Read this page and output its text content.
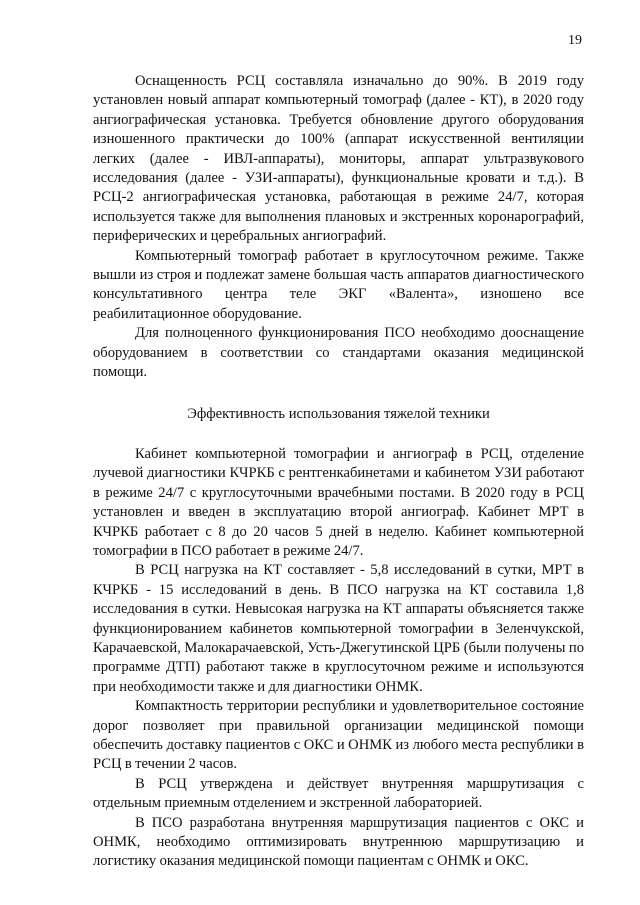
19

Оснащенность РСЦ составляла изначально до 90%. В 2019 году установлен новый аппарат компьютерный томограф (далее - КТ), в 2020 году ангиографическая установка. Требуется обновление другого оборудования изношенного практически до 100% (аппарат искусственной вентиляции легких (далее - ИВЛ-аппараты), мониторы, аппарат ультразвукового исследования (далее - УЗИ-аппараты), функциональные кровати и т.д.). В РСЦ-2 ангиографическая установка, работающая в режиме 24/7, которая используется также для выполнения плановых и экстренных коронарографий, периферических и церебральных ангиографий.

Компьютерный томограф работает в круглосуточном режиме. Также вышли из строя и подлежат замене большая часть аппаратов диагностического консультативного центра теле ЭКГ «Валента», изношено все реабилитационное оборудование.

Для полноценного функционирования ПСО необходимо дооснащение оборудованием в соответствии со стандартами оказания медицинской помощи.

Эффективность использования тяжелой техники

Кабинет компьютерной томографии и ангиограф в РСЦ, отделение лучевой диагностики КЧРКБ с рентгенкабинетами и кабинетом УЗИ работают в режиме 24/7 с круглосуточными врачебными постами. В 2020 году в РСЦ установлен и введен в эксплуатацию второй ангиограф. Кабинет МРТ в КЧРКБ работает с 8 до 20 часов 5 дней в неделю. Кабинет компьютерной томографии в ПСО работает в режиме 24/7.

В РСЦ нагрузка на КТ составляет - 5,8 исследований в сутки, МРТ в КЧРКБ - 15 исследований в день. В ПСО нагрузка на КТ составила 1,8 исследования в сутки. Невысокая нагрузка на КТ аппараты объясняется также функционированием кабинетов компьютерной томографии в Зеленчукской, Карачаевской, Малокарачаевской, Усть-Джегутинской ЦРБ (были получены по программе ДТП) работают также в круглосуточном режиме и используются при необходимости также и для диагностики ОНМК.

Компактность территории республики и удовлетворительное состояние дорог позволяет при правильной организации медицинской помощи обеспечить доставку пациентов с ОКС и ОНМК из любого места республики в РСЦ в течении 2 часов.

В РСЦ утверждена и действует внутренняя маршрутизация с отдельным приемным отделением и экстренной лабораторией.

В ПСО разработана внутренняя маршрутизация пациентов с ОКС и ОНМК, необходимо оптимизировать внутреннюю маршрутизацию и логистику оказания медицинской помощи пациентам с ОНМК и ОКС.
